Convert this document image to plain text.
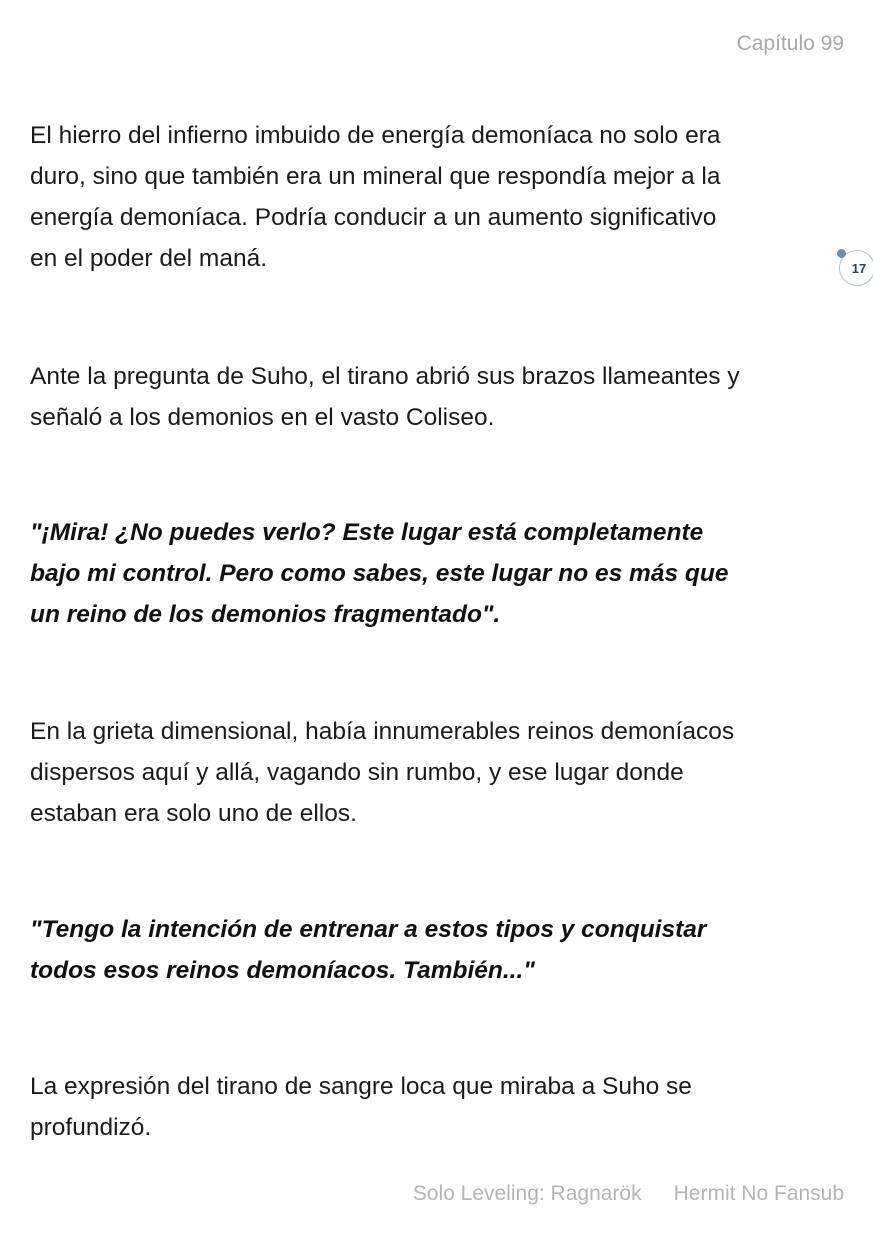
Capítulo 99

El hierro del infierno imbuido de energía demoníaca no solo era
duro, sino que también era un mineral que respondía mejor a la
energía demoníaca. Podría conducir a un aumento significativo
en el poder del maná.

Ante la pregunta de Suho, el tirano abrió sus brazos llameantes y
señaló a los demonios en el vasto Coliseo.

"¡Mira! ¿No puedes verlo? Este lugar está completamente
bajo mi control. Pero como sabes, este lugar no es más que
un reino de los demonios fragmentado".

En la grieta dimensional, había innumerables reinos demoníacos
dispersos aquí y allá, vagando sin rumbo, y ese lugar donde
estaban era solo uno de ellos.

"Tengo la intención de entrenar a estos tipos y conquistar
todos esos reinos demoníacos. También..."

La expresión del tirano de sangre loca que miraba a Suho se
profundizó.

17
Solo Leveling: Ragnarök Hermit No Fansub
